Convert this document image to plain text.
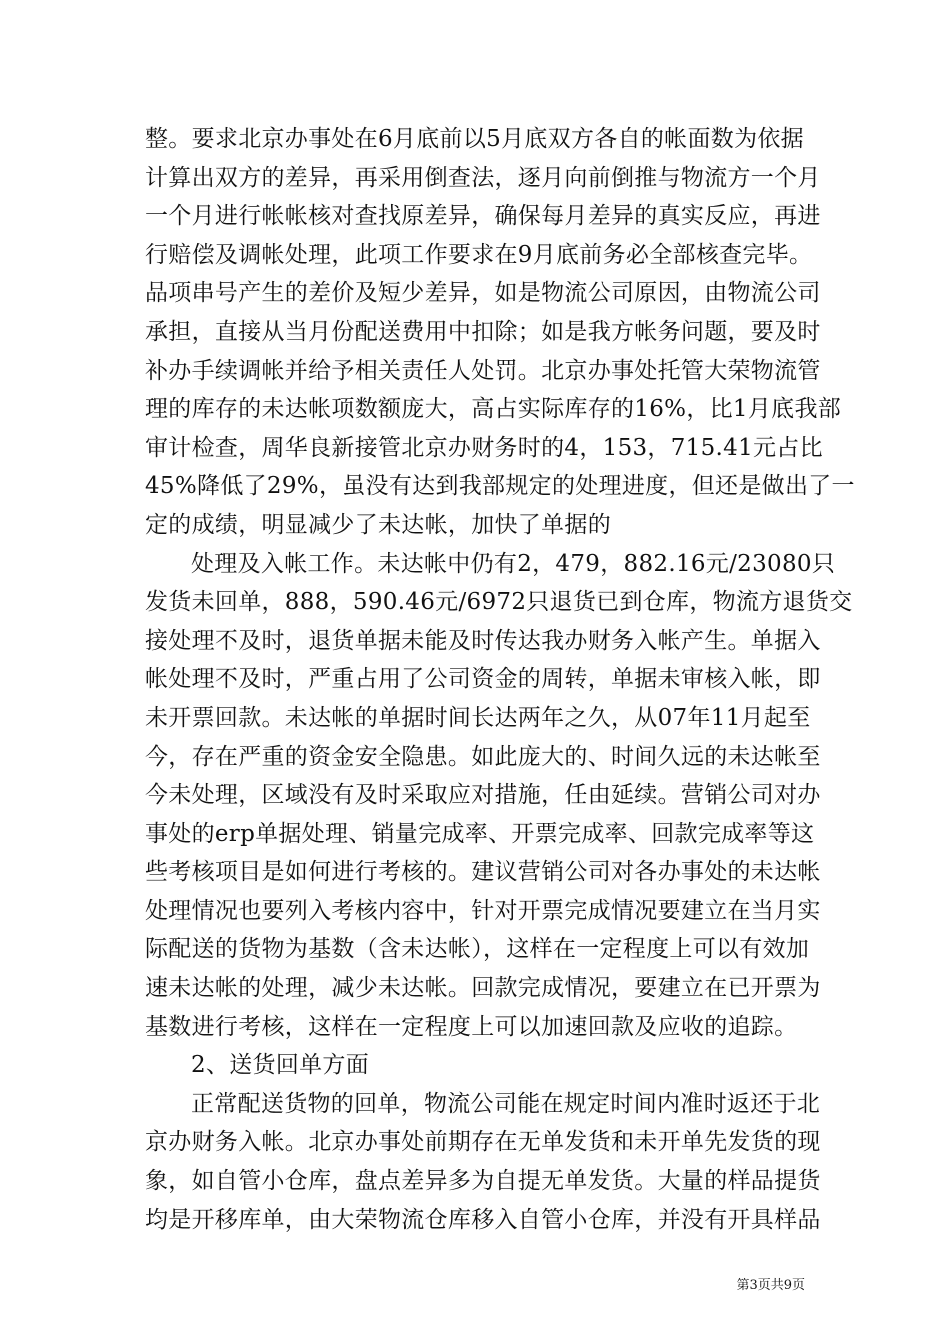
整。要求北京办事处在6月底前以5月底双方各自的帐面数为依据
计算出双方的差异，再采用倒查法，逐月向前倒推与物流方一个月
一个月进行帐帐核对查找原差异，确保每月差异的真实反应，再进
行赔偿及调帐处理，此项工作要求在9月底前务必全部核查完毕。
品项串号产生的差价及短少差异，如是物流公司原因，由物流公司
承担，直接从当月份配送费用中扣除；如是我方帐务问题，要及时
补办手续调帐并给予相关责任人处罚。北京办事处托管大荣物流管
理的库存的未达帐项数额庞大，高占实际库存的16%，比1月底我部
审计检查，周华良新接管北京办财务时的4，153，715.41元占比
45%降低了29%，虽没有达到我部规定的处理进度，但还是做出了一
定的成绩，明显减少了未达帐，加快了单据的
处理及入帐工作。未达帐中仍有2，479，882.16元/23080只
发货未回单，888，590.46元/6972只退货已到仓库，物流方退货交
接处理不及时，退货单据未能及时传达我办财务入帐产生。单据入
帐处理不及时，严重占用了公司资金的周转，单据未审核入帐，即
未开票回款。未达帐的单据时间长达两年之久，从07年11月起至
今，存在严重的资金安全隐患。如此庞大的、时间久远的未达帐至
今未处理，区域没有及时采取应对措施，任由延续。营销公司对办
事处的erp单据处理、销量完成率、开票完成率、回款完成率等这
些考核项目是如何进行考核的。建议营销公司对各办事处的未达帐
处理情况也要列入考核内容中，针对开票完成情况要建立在当月实
际配送的货物为基数（含未达帐），这样在一定程度上可以有效加
速未达帐的处理，减少未达帐。回款完成情况，要建立在已开票为
基数进行考核，这样在一定程度上可以加速回款及应收的追踪。
2、送货回单方面
正常配送货物的回单，物流公司能在规定时间内准时返还于北
京办财务入帐。北京办事处前期存在无单发货和未开单先发货的现
象，如自管小仓库，盘点差异多为自提无单发货。大量的样品提货
均是开移库单，由大荣物流仓库移入自管小仓库，并没有开具样品
第3页共9页
